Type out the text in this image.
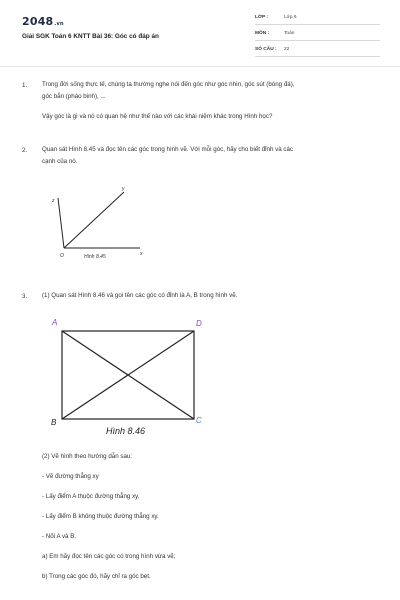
2048.vn
Giải SGK Toán 6 KNTT Bài 36: Góc có đáp án
LỚP :	Lớp 6
MÔN :	Toán
SỐ CÂU : 22
1. Trong đời sống thực tế, chúng ta thường nghe nói đến góc như góc nhìn, góc sút (bóng đá),
góc bắn (pháo binh), ...
Vậy góc là gì và nó có quan hệ như thế nào với các khái niệm khác trong Hình học?
2. Quan sát Hình 8.45 và đọc tên các góc trong hình vẽ. Với mỗi góc, hãy cho biết đỉnh và các
cạnh của nó.
z
y
x
O	Hình 8.45
3. (1) Quan sát Hình 8.46 và gọi tên các góc có đỉnh là A, B trong hình vẽ.
A	D
B	C
Hình 8.46
(2) Vẽ hình theo hướng dẫn sau:
- Vẽ đường thẳng xy
- Lấy điểm A thuộc đường thẳng xy.
- Lấy điểm B không thuộc đường thẳng xy.
- Nối A và B.
a) Em hãy đọc tên các góc có trong hình vừa vẽ;
b) Trong các góc đó, hãy chỉ ra góc bẹt.
